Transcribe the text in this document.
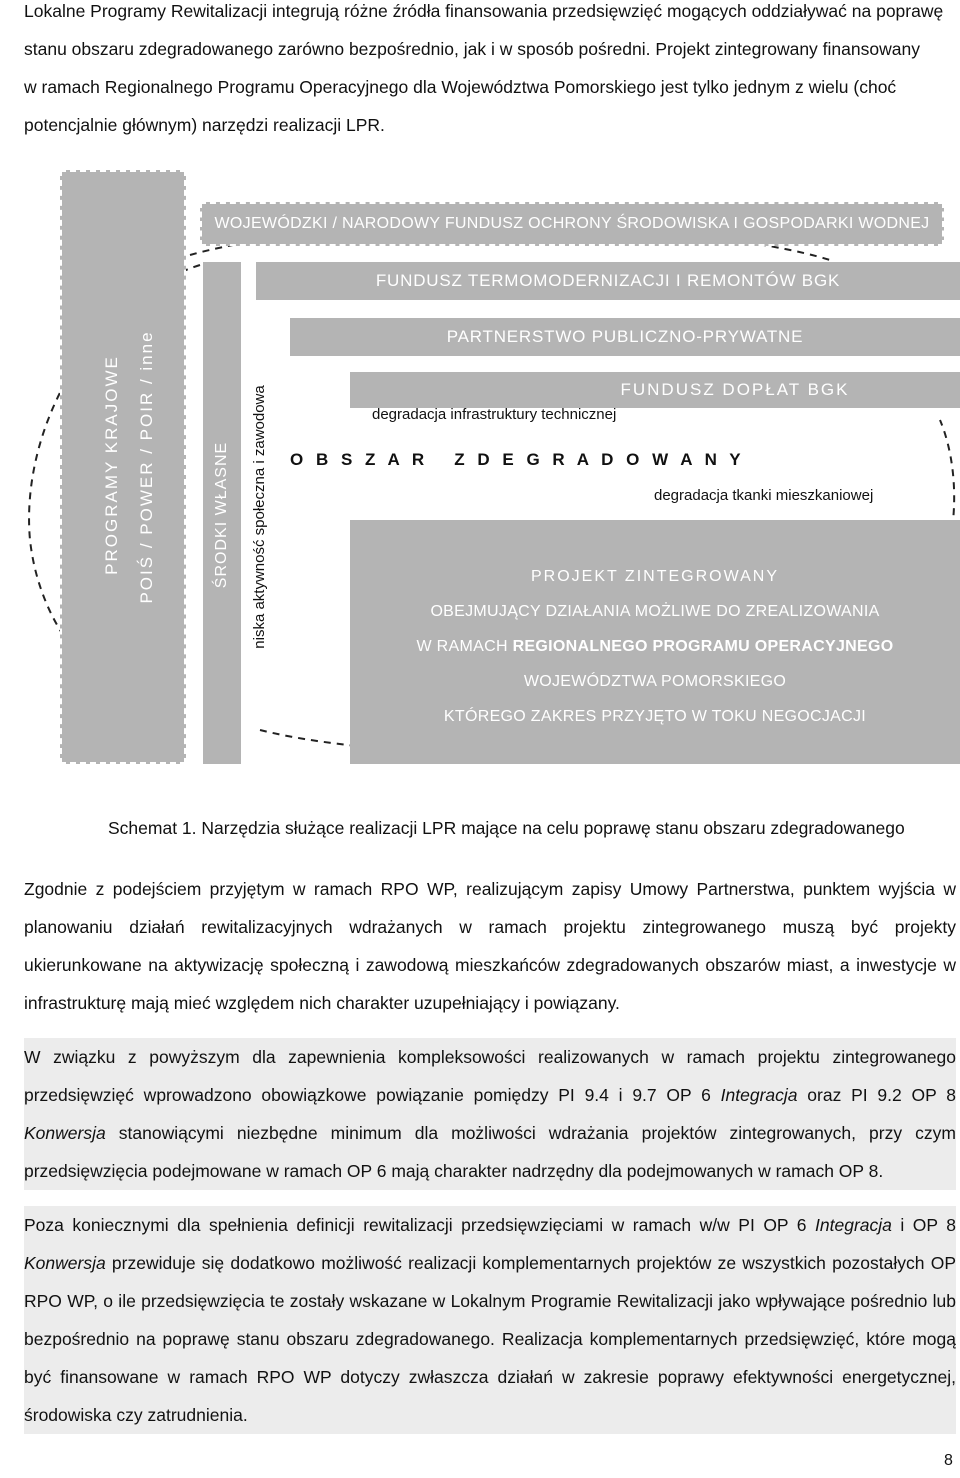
Lokalne Programy Rewitalizacji integrują różne źródła finansowania przedsięwzięć mogących oddziaływać na poprawę
stanu obszaru zdegradowanego zarówno bezpośrednio, jak i w sposób pośredni. Projekt zintegrowany finansowany
w ramach Regionalnego Programu Operacyjnego dla Województwa Pomorskiego jest tylko jednym z wielu (choć
potencjalnie głównym) narzędzi realizacji LPR.
PROGRAMY KRAJOWE POIŚ / POWER / POIR / inne	ŚRODKI WŁASNE	niska aktywność społeczna i zawodowa
WOJEWÓDZKI / NARODOWY FUNDUSZ OCHRONY ŚRODOWISKA I GOSPODARKI WODNEJ
FUNDUSZ TERMOMODERNIZACJI I REMONTÓW BGK
PARTNERSTWO PUBLICZNO-PRYWATNE
FUNDUSZ DOPŁAT BGK
degradacja infrastruktury technicznej
O B S Z A R   Z D E G R A D O W A N Y
degradacja tkanki mieszkaniowej
PROJEKT ZINTEGROWANY
OBEJMUJĄCY DZIAŁANIA MOŻLIWE DO ZREALIZOWANIA
W RAMACH REGIONALNEGO PROGRAMU OPERACYJNEGO
WOJEWÓDZTWA POMORSKIEGO
KTÓREGO ZAKRES PRZYJĘTO W TOKU NEGOCJACJI
Schemat 1. Narzędzia służące realizacji LPR mające na celu poprawę stanu obszaru zdegradowanego

Zgodnie z podejściem przyjętym w ramach RPO WP, realizującym zapisy Umowy Partnerstwa, punktem wyjścia w planowaniu działań rewitalizacyjnych wdrażanych w ramach projektu zintegrowanego muszą być projekty ukierunkowane na aktywizację społeczną i zawodową mieszkańców zdegradowanych obszarów miast, a inwestycje w infrastrukturę mają mieć względem nich charakter uzupełniający i powiązany.

W związku z powyższym dla zapewnienia kompleksowości realizowanych w ramach projektu zintegrowanego przedsięwzięć wprowadzono obowiązkowe powiązanie pomiędzy PI 9.4 i 9.7 OP 6 Integracja oraz PI 9.2 OP 8 Konwersja stanowiącymi niezbędne minimum dla możliwości wdrażania projektów zintegrowanych, przy czym przedsięwzięcia podejmowane w ramach OP 6 mają charakter nadrzędny dla podejmowanych w ramach OP 8.

Poza koniecznymi dla spełnienia definicji rewitalizacji przedsięwzięciami w ramach w/w PI OP 6 Integracja i OP 8 Konwersja przewiduje się dodatkowo możliwość realizacji komplementarnych projektów ze wszystkich pozostałych OP RPO WP, o ile przedsięwzięcia te zostały wskazane w Lokalnym Programie Rewitalizacji jako wpływające pośrednio lub bezpośrednio na poprawę stanu obszaru zdegradowanego. Realizacja komplementarnych przedsięwzięć, które mogą być finansowane w ramach RPO WP dotyczy zwłaszcza działań w zakresie poprawy efektywności energetycznej, środowiska czy zatrudnienia.

8
